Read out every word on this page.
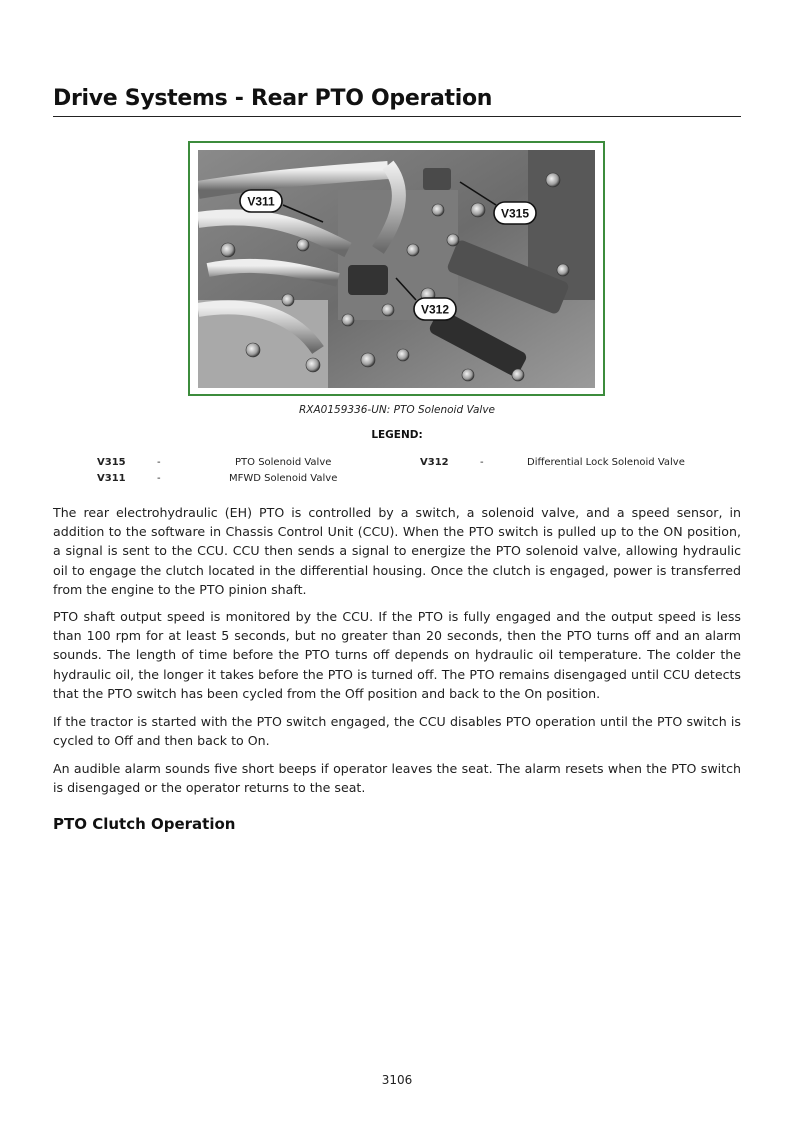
Drive Systems - Rear PTO Operation
V311
V315
V312
RXA0159336-UN: PTO Solenoid Valve
LEGEND:
V315	-	PTO Solenoid Valve	V312	-	Differential Lock Solenoid Valve
V311	-	MFWD Solenoid Valve

The rear electrohydraulic (EH) PTO is controlled by a switch, a solenoid valve, and a speed sensor, in addition to the software in Chassis Control Unit (CCU). When the PTO switch is pulled up to the ON position, a signal is sent to the CCU. CCU then sends a signal to energize the PTO solenoid valve, allowing hydraulic oil to engage the clutch located in the differential housing. Once the clutch is engaged, power is transferred from the engine to the PTO pinion shaft.

PTO shaft output speed is monitored by the CCU. If the PTO is fully engaged and the output speed is less than 100 rpm for at least 5 seconds, but no greater than 20 seconds, then the PTO turns off and an alarm sounds. The length of time before the PTO turns off depends on hydraulic oil temperature. The colder the hydraulic oil, the longer it takes before the PTO is turned off. The PTO remains disengaged until CCU detects that the PTO switch has been cycled from the Off position and back to the On position.

If the tractor is started with the PTO switch engaged, the CCU disables PTO operation until the PTO switch is cycled to Off and then back to On.

An audible alarm sounds five short beeps if operator leaves the seat. The alarm resets when the PTO switch is disengaged or the operator returns to the seat.

PTO Clutch Operation
3106
